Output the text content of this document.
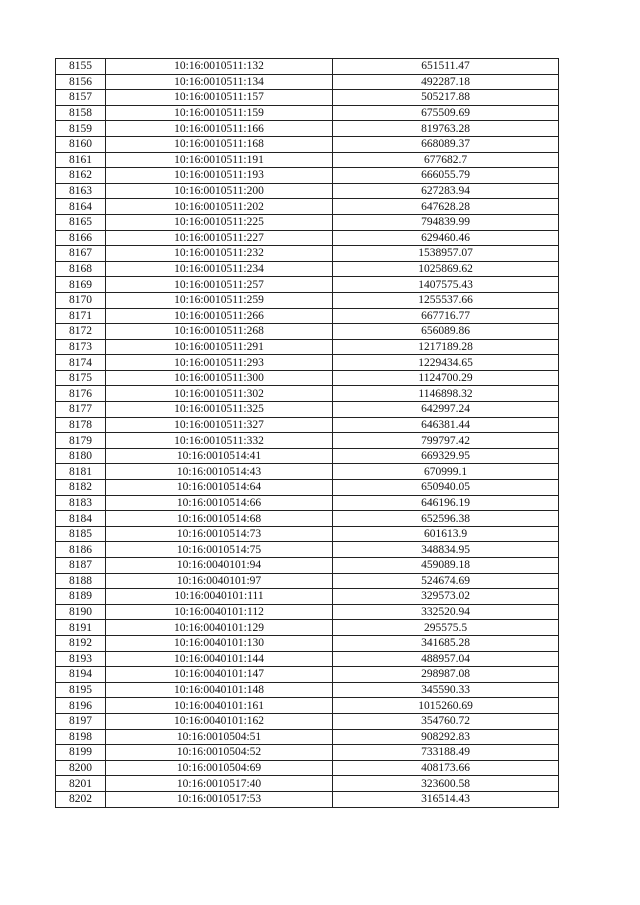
8155	10:16:0010511:132	651511.47
8156	10:16:0010511:134	492287.18
8157	10:16:0010511:157	505217.88
8158	10:16:0010511:159	675509.69
8159	10:16:0010511:166	819763.28
8160	10:16:0010511:168	668089.37
8161	10:16:0010511:191	677682.7
8162	10:16:0010511:193	666055.79
8163	10:16:0010511:200	627283.94
8164	10:16:0010511:202	647628.28
8165	10:16:0010511:225	794839.99
8166	10:16:0010511:227	629460.46
8167	10:16:0010511:232	1538957.07
8168	10:16:0010511:234	1025869.62
8169	10:16:0010511:257	1407575.43
8170	10:16:0010511:259	1255537.66
8171	10:16:0010511:266	667716.77
8172	10:16:0010511:268	656089.86
8173	10:16:0010511:291	1217189.28
8174	10:16:0010511:293	1229434.65
8175	10:16:0010511:300	1124700.29
8176	10:16:0010511:302	1146898.32
8177	10:16:0010511:325	642997.24
8178	10:16:0010511:327	646381.44
8179	10:16:0010511:332	799797.42
8180	10:16:0010514:41	669329.95
8181	10:16:0010514:43	670999.1
8182	10:16:0010514:64	650940.05
8183	10:16:0010514:66	646196.19
8184	10:16:0010514:68	652596.38
8185	10:16:0010514:73	601613.9
8186	10:16:0010514:75	348834.95
8187	10:16:0040101:94	459089.18
8188	10:16:0040101:97	524674.69
8189	10:16:0040101:111	329573.02
8190	10:16:0040101:112	332520.94
8191	10:16:0040101:129	295575.5
8192	10:16:0040101:130	341685.28
8193	10:16:0040101:144	488957.04
8194	10:16:0040101:147	298987.08
8195	10:16:0040101:148	345590.33
8196	10:16:0040101:161	1015260.69
8197	10:16:0040101:162	354760.72
8198	10:16:0010504:51	908292.83
8199	10:16:0010504:52	733188.49
8200	10:16:0010504:69	408173.66
8201	10:16:0010517:40	323600.58
8202	10:16:0010517:53	316514.43
